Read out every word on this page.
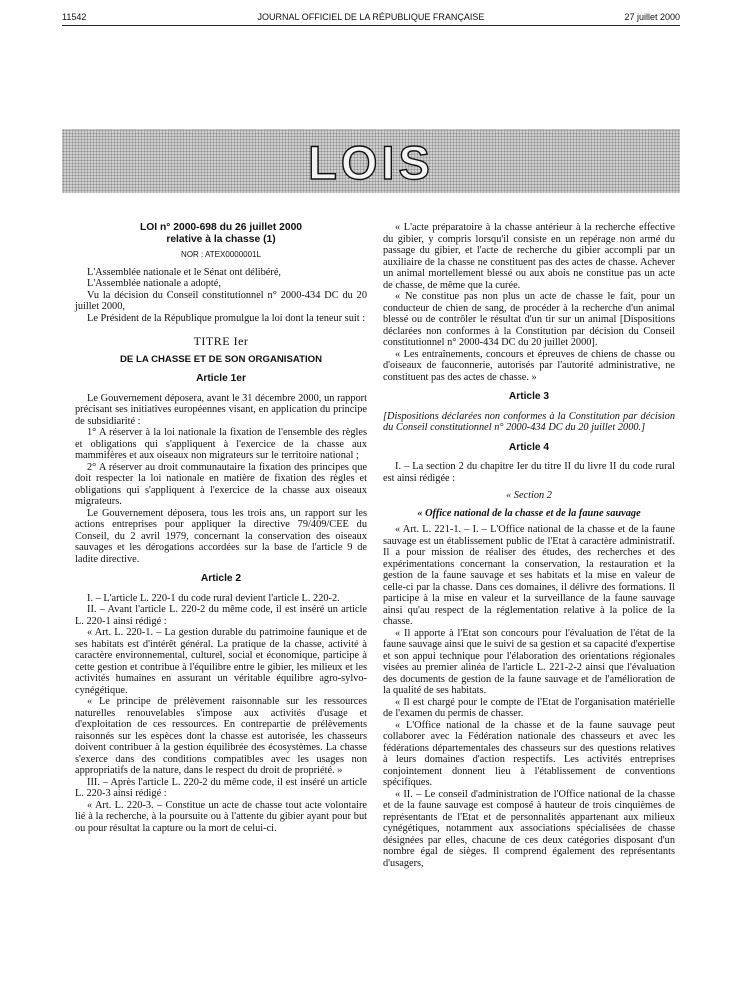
11542	JOURNAL OFFICIEL DE LA RÉPUBLIQUE FRANÇAISE	27 juillet 2000
LOIS
LOI n° 2000-698 du 26 juillet 2000
relative à la chasse (1)
NOR : ATEX0000001L

L'Assemblée nationale et le Sénat ont délibéré,

L'Assemblée nationale a adopté,

Vu la décision du Conseil constitutionnel n° 2000-434 DC du 20 juillet 2000,

Le Président de la République promulgue la loi dont la teneur suit :

TITRE Ier
DE LA CHASSE ET DE SON ORGANISATION
Article 1er

Le Gouvernement déposera, avant le 31 décembre 2000, un rapport précisant ses initiatives européennes visant, en application du principe de subsidiarité :

1° A réserver à la loi nationale la fixation de l'ensemble des règles et obligations qui s'appliquent à l'exercice de la chasse aux mammifères et aux oiseaux non migrateurs sur le territoire national ;

2° A réserver au droit communautaire la fixation des principes que doit respecter la loi nationale en matière de fixation des règles et obligations qui s'appliquent à l'exercice de la chasse aux oiseaux migrateurs.

Le Gouvernement déposera, tous les trois ans, un rapport sur les actions entreprises pour appliquer la directive 79/409/CEE du Conseil, du 2 avril 1979, concernant la conservation des oiseaux sauvages et les dérogations accordées sur la base de l'article 9 de ladite directive.

Article 2

I. – L'article L. 220-1 du code rural devient l'article L. 220-2.

II. – Avant l'article L. 220-2 du même code, il est inséré un article L. 220-1 ainsi rédigé :

« Art. L. 220-1. – La gestion durable du patrimoine faunique et de ses habitats est d'intérêt général. La pratique de la chasse, activité à caractère environnemental, culturel, social et économique, participe à cette gestion et contribue à l'équilibre entre le gibier, les milieux et les activités humaines en assurant un véritable équilibre agro-sylvo-cynégétique.

« Le principe de prélèvement raisonnable sur les ressources naturelles renouvelables s'impose aux activités d'usage et d'exploitation de ces ressources. En contrepartie de prélèvements raisonnés sur les espèces dont la chasse est autorisée, les chasseurs doivent contribuer à la gestion équilibrée des écosystèmes. La chasse s'exerce dans des conditions compatibles avec les usages non appropriatifs de la nature, dans le respect du droit de propriété. »

III. – Après l'article L. 220-2 du même code, il est inséré un article L. 220-3 ainsi rédigé :

« Art. L. 220-3. – Constitue un acte de chasse tout acte volontaire lié à la recherche, à la poursuite ou à l'attente du gibier ayant pour but ou pour résultat la capture ou la mort de celui-ci.

« L'acte préparatoire à la chasse antérieur à la recherche effective du gibier, y compris lorsqu'il consiste en un repérage non armé du passage du gibier, et l'acte de recherche du gibier accompli par un auxiliaire de la chasse ne constituent pas des actes de chasse. Achever un animal mortellement blessé ou aux abois ne constitue pas un acte de chasse, de même que la curée.

« Ne constitue pas non plus un acte de chasse le fait, pour un conducteur de chien de sang, de procéder à la recherche d'un animal blessé ou de contrôler le résultat d'un tir sur un animal [Dispositions déclarées non conformes à la Constitution par décision du Conseil constitutionnel n° 2000-434 DC du 20 juillet 2000].

« Les entraînements, concours et épreuves de chiens de chasse ou d'oiseaux de fauconnerie, autorisés par l'autorité administrative, ne constituent pas des actes de chasse. »

Article 3

[Dispositions déclarées non conformes à la Constitution par décision du Conseil constitutionnel n° 2000-434 DC du 20 juillet 2000.]

Article 4

I. – La section 2 du chapitre Ier du titre II du livre II du code rural est ainsi rédigée :

« Section 2
« Office national de la chasse et de la faune sauvage

« Art. L. 221-1. – I. – L'Office national de la chasse et de la faune sauvage est un établissement public de l'Etat à caractère administratif. Il a pour mission de réaliser des études, des recherches et des expérimentations concernant la conservation, la restauration et la gestion de la faune sauvage et ses habitats et la mise en valeur de celle-ci par la chasse. Dans ces domaines, il délivre des formations. Il participe à la mise en valeur et la surveillance de la faune sauvage ainsi qu'au respect de la réglementation relative à la police de la chasse.

« Il apporte à l'Etat son concours pour l'évaluation de l'état de la faune sauvage ainsi que le suivi de sa gestion et sa capacité d'expertise et son appui technique pour l'élaboration des orientations régionales visées au premier alinéa de l'article L. 221-2-2 ainsi que l'évaluation des documents de gestion de la faune sauvage et de l'amélioration de la qualité de ses habitats.

« Il est chargé pour le compte de l'Etat de l'organisation matérielle de l'examen du permis de chasser.

« L'Office national de la chasse et de la faune sauvage peut collaborer avec la Fédération nationale des chasseurs et avec les fédérations départementales des chasseurs sur des questions relatives à leurs domaines d'action respectifs. Les activités entreprises conjointement donnent lieu à l'établissement de conventions spécifiques.

« II. – Le conseil d'administration de l'Office national de la chasse et de la faune sauvage est composé à hauteur de trois cinquièmes de représentants de l'Etat et de personnalités appartenant aux milieux cynégétiques, notamment aux associations spécialisées de chasse désignées par elles, chacune de ces deux catégories disposant d'un nombre égal de sièges. Il comprend également des représentants d'usagers,
